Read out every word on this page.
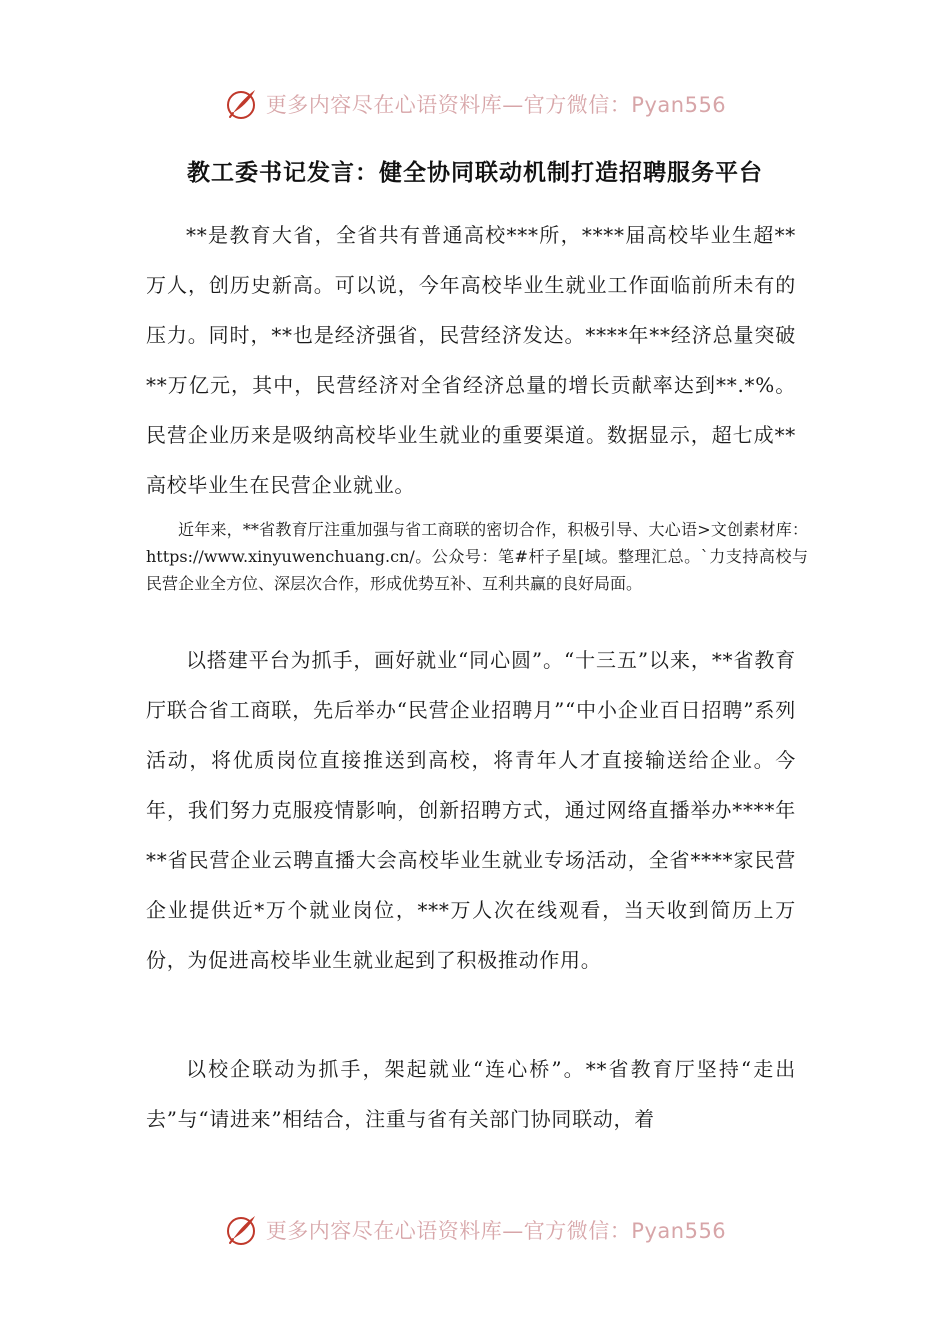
更多内容尽在心语资料库—官方微信：Pyan556
教工委书记发言：健全协同联动机制打造招聘服务平台

**是教育大省，全省共有普通高校***所，****届高校毕业生超**万人，创历史新高。可以说，今年高校毕业生就业工作面临前所未有的压力。同时，**也是经济强省，民营经济发达。****年**经济总量突破**万亿元，其中，民营经济对全省经济总量的增长贡献率达到**.*%。民营企业历来是吸纳高校毕业生就业的重要渠道。数据显示，超七成**高校毕业生在民营企业就业。

近年来，**省教育厅注重加强与省工商联的密切合作，积极引导、大心语>文创素材库：https://www.xinyuwenchuang.cn/。公众号：笔#杆子星[域。整理汇总。`力支持高校与民营企业全方位、深层次合作，形成优势互补、互利共赢的良好局面。

以搭建平台为抓手，画好就业“同心圆”。“十三五”以来，**省教育厅联合省工商联，先后举办“民营企业招聘月”“中小企业百日招聘”系列活动，将优质岗位直接推送到高校，将青年人才直接输送给企业。今年，我们努力克服疫情影响，创新招聘方式，通过网络直播举办****年**省民营企业云聘直播大会高校毕业生就业专场活动，全省****家民营企业提供近*万个就业岗位，***万人次在线观看，当天收到简历上万份，为促进高校毕业生就业起到了积极推动作用。

以校企联动为抓手，架起就业“连心桥”。**省教育厅坚持“走出去”与“请进来”相结合，注重与省有关部门协同联动，着

更多内容尽在心语资料库—官方微信：Pyan556
